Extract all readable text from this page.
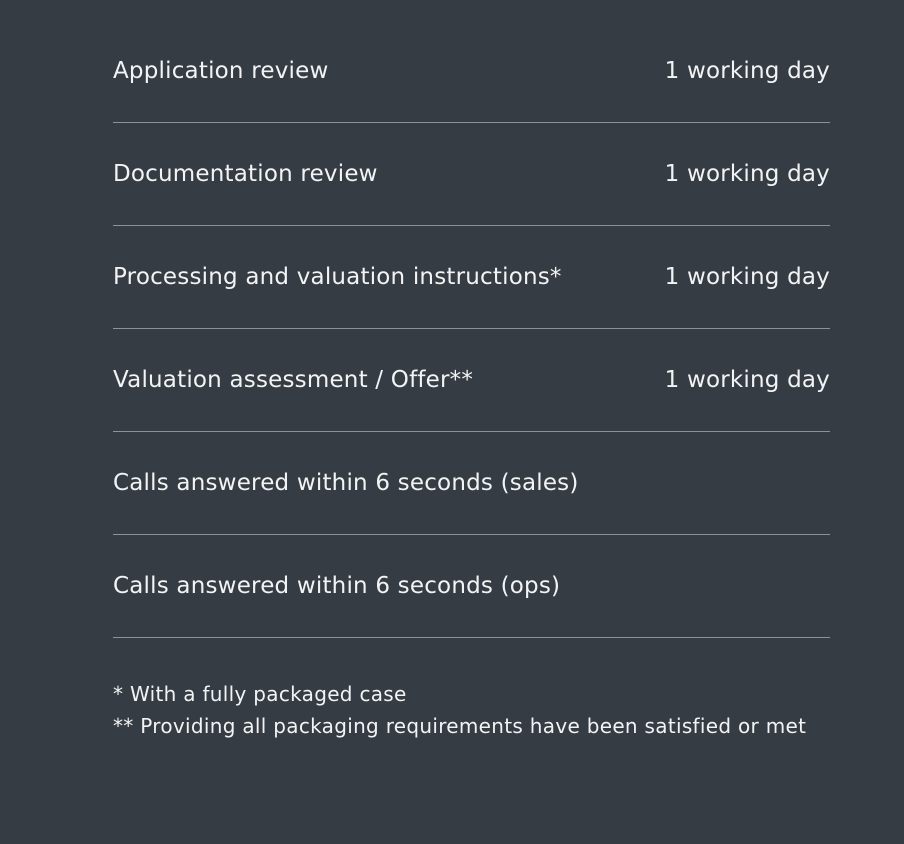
Application review	1 working day
Documentation review	1 working day
Processing and valuation instructions*	1 working day
Valuation assessment / Offer**	1 working day
Calls answered within 6 seconds (sales)
Calls answered within 6 seconds (ops)

* With a fully packaged case

** Providing all packaging requirements have been satisfied or met
